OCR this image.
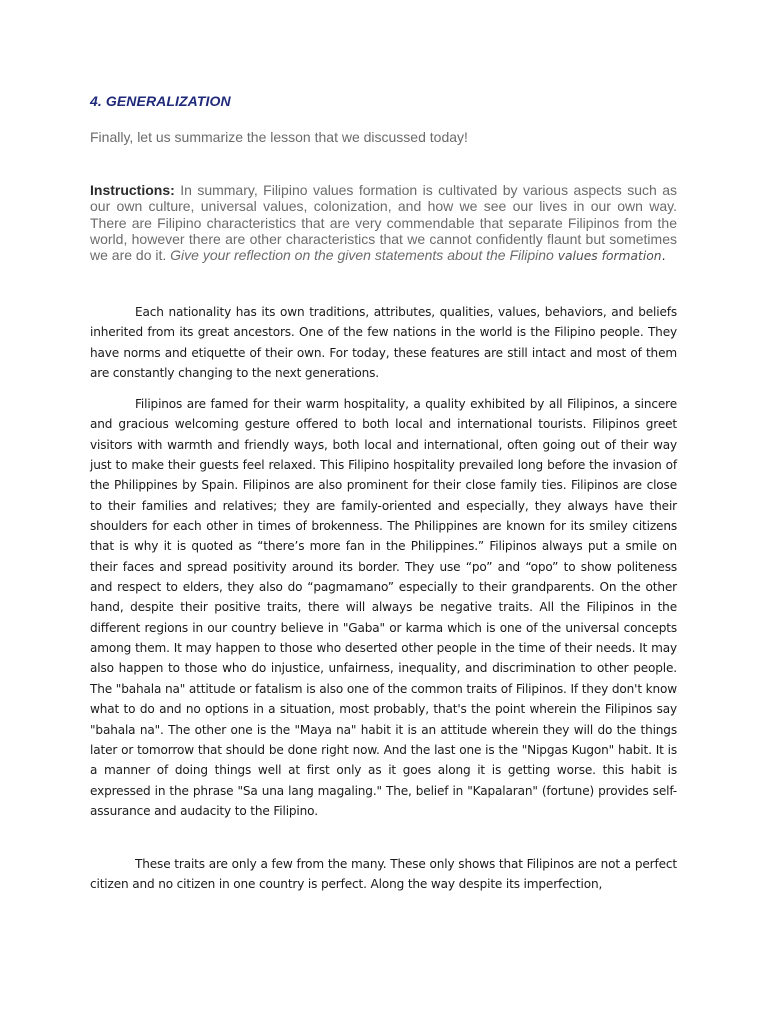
4. GENERALIZATION

Finally, let us summarize the lesson that we discussed today!

Instructions: In summary, Filipino values formation is cultivated by various aspects such as our own culture, universal values, colonization, and how we see our lives in our own way. There are Filipino characteristics that are very commendable that separate Filipinos from the world, however there are other characteristics that we cannot confidently flaunt but sometimes we are do it. Give your reflection on the given statements about the Filipino values formation.

Each nationality has its own traditions, attributes, qualities, values, behaviors, and beliefs inherited from its great ancestors. One of the few nations in the world is the Filipino people. They have norms and etiquette of their own. For today, these features are still intact and most of them are constantly changing to the next generations.

Filipinos are famed for their warm hospitality, a quality exhibited by all Filipinos, a sincere and gracious welcoming gesture offered to both local and international tourists. Filipinos greet visitors with warmth and friendly ways, both local and international, often going out of their way just to make their guests feel relaxed. This Filipino hospitality prevailed long before the invasion of the Philippines by Spain. Filipinos are also prominent for their close family ties. Filipinos are close to their families and relatives; they are family-oriented and especially, they always have their shoulders for each other in times of brokenness. The Philippines are known for its smiley citizens that is why it is quoted as “there’s more fan in the Philippines.” Filipinos always put a smile on their faces and spread positivity around its border. They use “po” and “opo” to show politeness and respect to elders, they also do “pagmamano” especially to their grandparents. On the other hand, despite their positive traits, there will always be negative traits. All the Filipinos in the different regions in our country believe in "Gaba" or karma which is one of the universal concepts among them. It may happen to those who deserted other people in the time of their needs. It may also happen to those who do injustice, unfairness, inequality, and discrimination to other people. The "bahala na" attitude or fatalism is also one of the common traits of Filipinos. If they don't know what to do and no options in a situation, most probably, that's the point wherein the Filipinos say "bahala na". The other one is the "Maya na" habit it is an attitude wherein they will do the things later or tomorrow that should be done right now. And the last one is the "Nipgas Kugon" habit. It is a manner of doing things well at first only as it goes along it is getting worse. this habit is expressed in the phrase "Sa una lang magaling." The, belief in "Kapalaran" (fortune) provides self-assurance and audacity to the Filipino.

These traits are only a few from the many. These only shows that Filipinos are not a perfect citizen and no citizen in one country is perfect. Along the way despite its imperfection,
